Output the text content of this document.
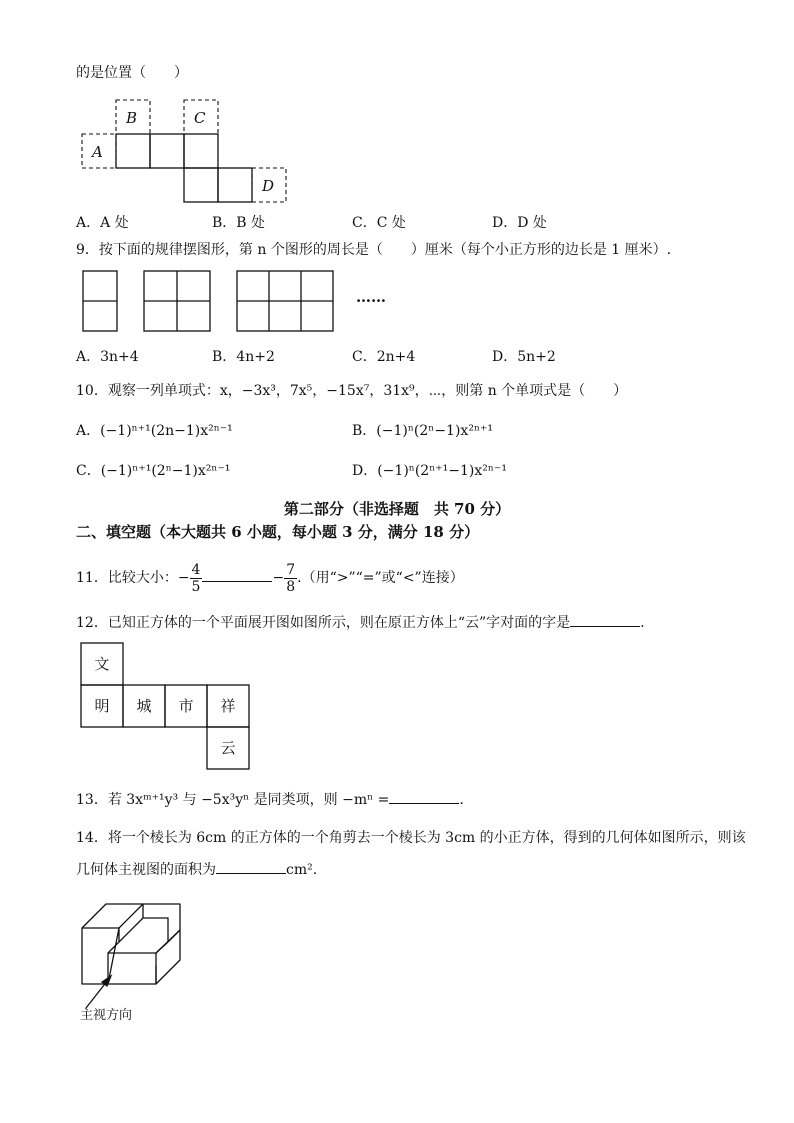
的是位置（　　）
A
B	C
D
A．A 处	B．B 处	C．C 处	D．D 处
9．按下面的规律摆图形，第 n 个图形的周长是（　　）厘米（每个小正方形的边长是 1 厘米）.
……
A．3n+4	B．4n+2	C．2n+4	D．5n+2
10．观察一列单项式：x，−3x³，7x⁵，−15x⁷，31x⁹，⋯，则第 n 个单项式是（　　）
A．(−1)ⁿ⁺¹(2n−1)x²ⁿ⁻¹	B．(−1)ⁿ(2ⁿ−1)x²ⁿ⁺¹
C．(−1)ⁿ⁺¹(2ⁿ−1)x²ⁿ⁻¹	D．(−1)ⁿ(2ⁿ⁺¹−1)x²ⁿ⁻¹
第二部分（非选择题　共 70 分）
二、填空题（本大题共 6 小题，每小题 3 分，满分 18 分）
11．比较大小：− $\frac{4}{5}$	− $\frac{7}{8}$ .（用“>”“=”或“<”连接）
12．已知正方体的一个平面展开图如图所示，则在原正方体上“云”字对面的字是	.
文
明 城 市 祥
云
13．若 3xᵐ⁺¹y³ 与 −5x³yⁿ 是同类项，则 −mⁿ =	.
14．将一个棱长为 6cm 的正方体的一个角剪去一个棱长为 3cm 的小正方体，得到的几何体如图所示，则该
几何体主视图的面积为	cm².
主视方向
